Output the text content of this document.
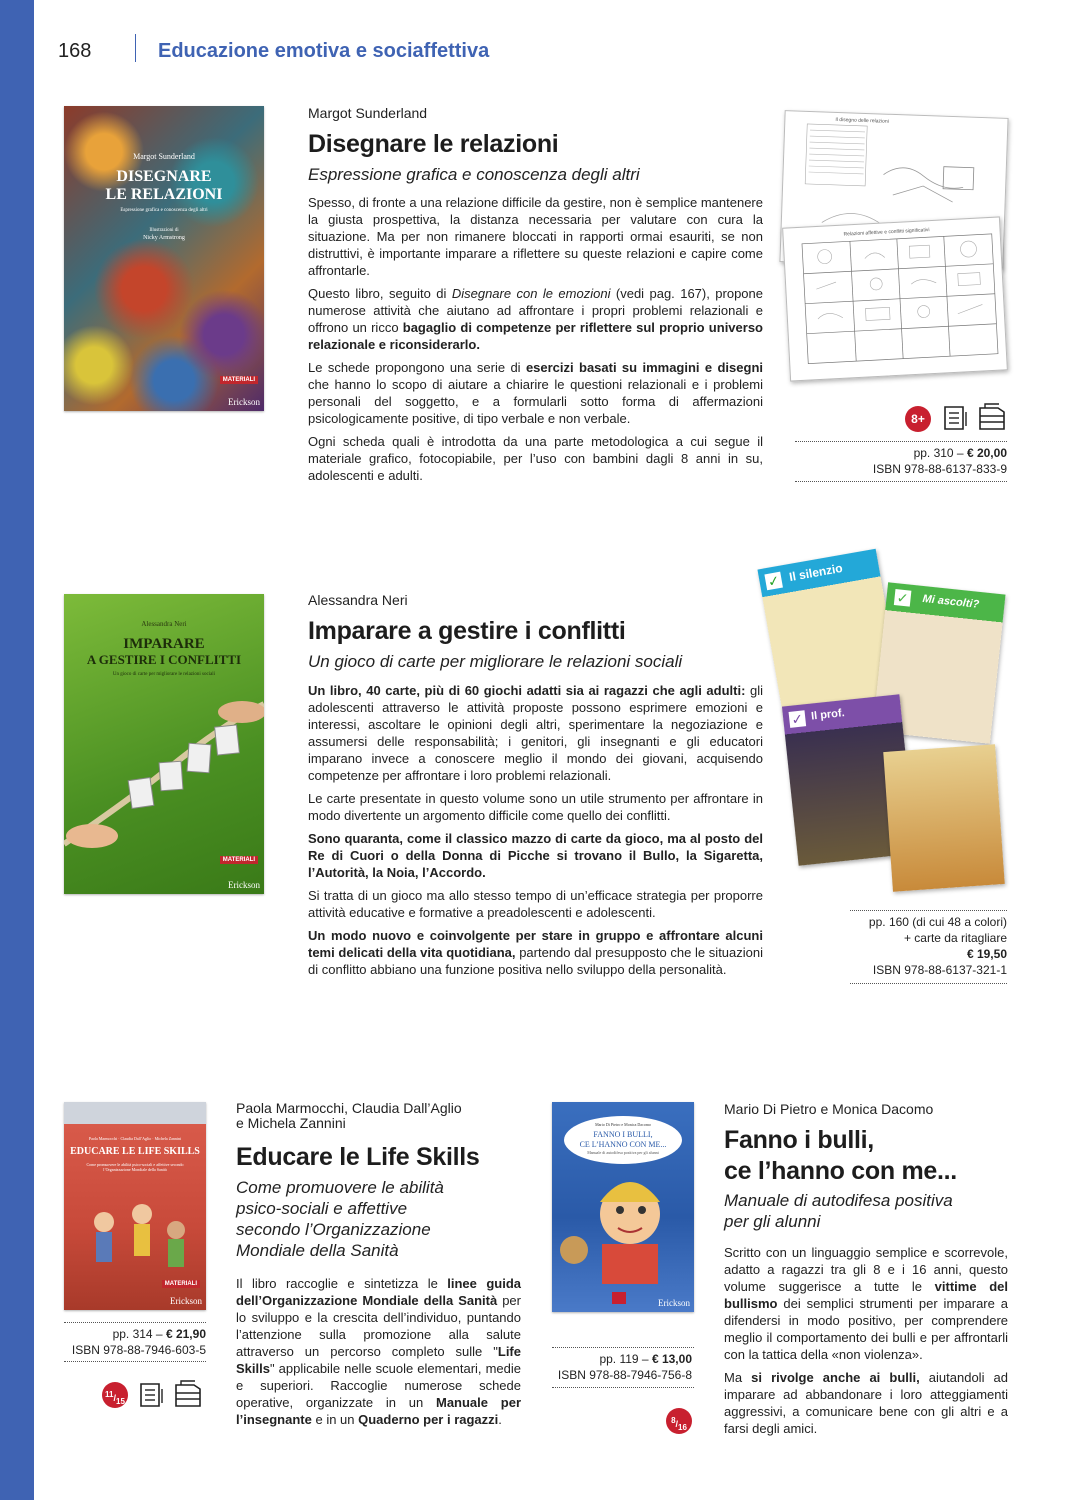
168	Educazione emotiva e sociaffettiva
Margot Sunderland
DISEGNARE
LE RELAZIONI
Espressione grafica e conoscenza degli altri
Illustrazioni di
Nicky Armstrong
MATERIALI
Erickson
Margot Sunderland
Disegnare le relazioni
Espressione grafica e conoscenza degli altri

Spesso, di fronte a una relazione difficile da gestire, non è semplice mantenere la giusta prospettiva, la distanza necessaria per valutare con cura la situazione. Ma per non rimanere bloccati in rapporti ormai esauriti, se non distruttivi, è importante imparare a riflettere su queste relazioni e capire come affrontarle.

Questo libro, seguito di Disegnare con le emozioni (vedi pag. 167), propone numerose attività che aiutano ad affrontare i propri problemi relazionali e offrono un ricco bagaglio di competenze per riflettere sul proprio universo relazionale e riconsiderarlo.

Le schede propongono una serie di esercizi basati su immagini e disegni che hanno lo scopo di aiutare a chiarire le questioni relazionali e i problemi personali del soggetto, e a formularli sotto forma di affermazioni psicologicamente positive, di tipo verbale e non verbale.

Ogni scheda quali è introdotta da una parte metodologica a cui segue il materiale grafico, fotocopiabile, per l’uso con bambini dagli 8 anni in su, adolescenti e adulti.

Il disegno delle relazioni
Relazioni affettive e conflitti significativi
8+
pp. 310 – € 20,00
ISBN 978-88-6137-833-9
Alessandra Neri
IMPARARE
A GESTIRE I CONFLITTI
Un gioco di carte per migliorare le relazioni sociali
MATERIALI
Erickson
Alessandra Neri
Imparare a gestire i conflitti
Un gioco di carte per migliorare le relazioni sociali

Un libro, 40 carte, più di 60 giochi adatti sia ai ragazzi che agli adulti: gli adolescenti attraverso le attività proposte possono esprimere emozioni e interessi, ascoltare le opinioni degli altri, sperimentare la negoziazione e assumersi delle responsabilità; i genitori, gli insegnanti e gli educatori imparano invece a conoscere meglio il mondo dei giovani, acquisendo competenze per affrontare i loro problemi relazionali.

Le carte presentate in questo volume sono un utile strumento per affrontare in modo divertente un argomento difficile come quello dei conflitti.

Sono quaranta, come il classico mazzo di carte da gioco, ma al posto del Re di Cuori o della Donna di Picche si trovano il Bullo, la Sigaretta, l’Autorità, la Noia, l’Accordo.

Si tratta di un gioco ma allo stesso tempo di un’efficace strategia per proporre attività educative e formative a preadolescenti e adolescenti.

Un modo nuovo e coinvolgente per stare in gruppo e affrontare alcuni temi delicati della vita quotidiana, partendo dal presupposto che le situazioni di conflitto abbiano una funzione positiva nello sviluppo della personalità.

Il silenzio
✓
Mi ascolti?
✓
Il prof.
✓
pp. 160 (di cui 48 a colori)
+ carte da ritagliare
€ 19,50
ISBN 978-88-6137-321-1
Paola Marmocchi · Claudia Dall’Aglio · Michela Zannini
EDUCARE LE LIFE SKILLS
Come promuovere le abilità psico-sociali e affettive secondo l’Organizzazione Mondiale della Sanità
MATERIALI
Erickson
pp. 314 – € 21,90
ISBN 978-88-7946-603-5
$^{11}/_{15}$
Paola Marmocchi, Claudia Dall’Aglio
e Michela Zannini
Educare le Life Skills
Come promuovere le abilità
psico-sociali e affettive
secondo l’Organizzazione
Mondiale della Sanità

Il libro raccoglie e sintetizza le linee guida dell’Organizzazione Mondiale della Sanità per lo sviluppo e la crescita dell’individuo, puntando l’attenzione sulla promozione alla salute attraverso un percorso completo sulle "Life Skills" applicabile nelle scuole elementari, medie e superiori. Raccoglie numerose schede operative, organizzate in un Manuale per l’insegnante e in un Quaderno per i ragazzi.

Mario Di Pietro e Monica Dacomo
FANNO I BULLI,
CE L’HANNO CON ME...
Manuale di autodifesa positiva per gli alunni
Erickson
pp. 119 – € 13,00
ISBN 978-88-7946-756-8
$^8/_{16}$
Mario Di Pietro e Monica Dacomo
Fanno i bulli,
ce l’hanno con me...
Manuale di autodifesa positiva
per gli alunni

Scritto con un linguaggio semplice e scorrevole, adatto a ragazzi tra gli 8 e i 16 anni, questo volume suggerisce a tutte le vittime del bullismo dei semplici strumenti per imparare a difendersi in modo positivo, per comprendere meglio il comportamento dei bulli e per affrontarli con la tattica della «non violenza».

Ma si rivolge anche ai bulli, aiutandoli ad imparare ad abbandonare i loro atteggiamenti aggressivi, a comunicare bene con gli altri e a farsi degli amici.
